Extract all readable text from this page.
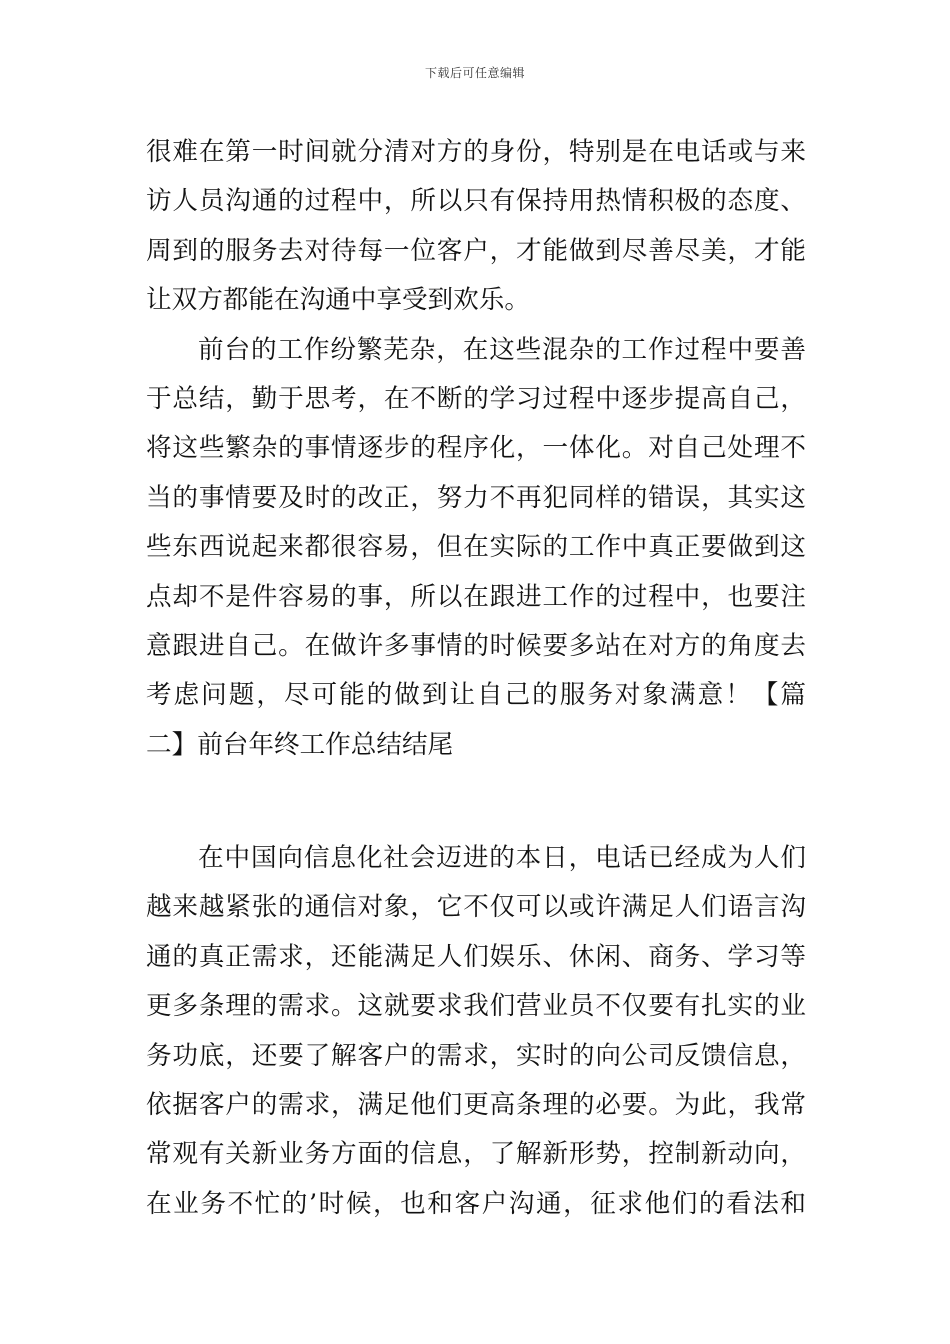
下载后可任意编辑
很难在第一时间就分清对方的身份，特别是在电话或与来
访人员沟通的过程中，所以只有保持用热情积极的态度、
周到的服务去对待每一位客户，才能做到尽善尽美，才能
让双方都能在沟通中享受到欢乐。
前台的工作纷繁芜杂，在这些混杂的工作过程中要善
于总结，勤于思考，在不断的学习过程中逐步提高自己，
将这些繁杂的事情逐步的程序化，一体化。对自己处理不
当的事情要及时的改正，努力不再犯同样的错误，其实这
些东西说起来都很容易，但在实际的工作中真正要做到这
点却不是件容易的事，所以在跟进工作的过程中，也要注
意跟进自己。在做许多事情的时候要多站在对方的角度去
考虑问题，尽可能的做到让自己的服务对象满意！【篇
二】前台年终工作总结结尾
在中国向信息化社会迈进的本日，电话已经成为人们
越来越紧张的通信对象，它不仅可以或许满足人们语言沟
通的真正需求，还能满足人们娱乐、休闲、商务、学习等
更多条理的需求。这就要求我们营业员不仅要有扎实的业
务功底，还要了解客户的需求，实时的向公司反馈信息，
依据客户的需求，满足他们更高条理的必要。为此，我常
常观有关新业务方面的信息，了解新形势，控制新动向，
在业务不忙的’时候，也和客户沟通，征求他们的看法和
